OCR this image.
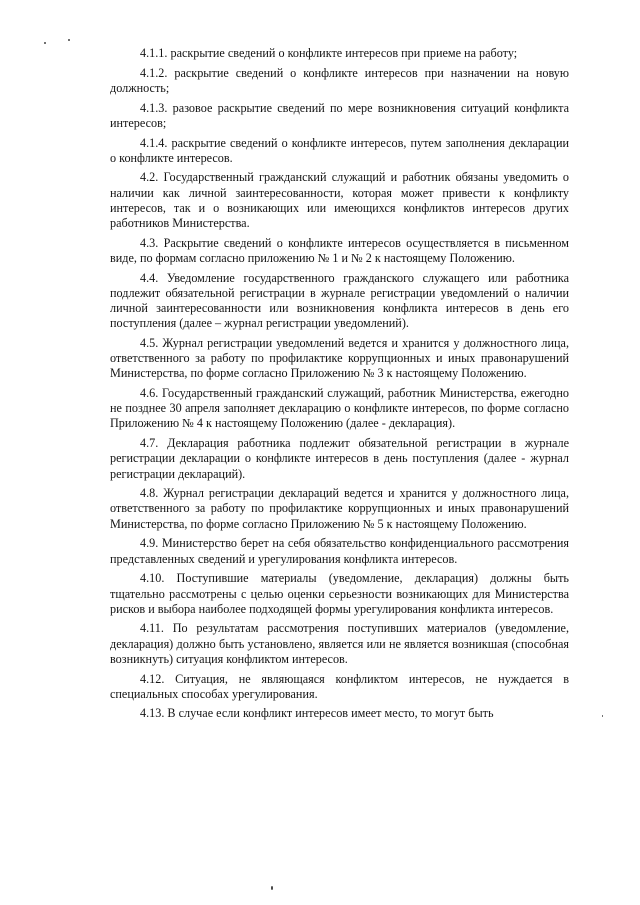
4.1.1. раскрытие сведений о конфликте интересов при приеме на работу;

4.1.2. раскрытие сведений о конфликте интересов при назначении на новую должность;

4.1.3. разовое раскрытие сведений по мере возникновения ситуаций конфликта интересов;

4.1.4. раскрытие сведений о конфликте интересов, путем заполнения декларации о конфликте интересов.

4.2. Государственный гражданский служащий и работник обязаны уведомить о наличии как личной заинтересованности, которая может привести к конфликту интересов, так и о возникающих или имеющихся конфликтов интересов других работников Министерства.

4.3. Раскрытие сведений о конфликте интересов осуществляется в письменном виде, по формам согласно приложению № 1 и № 2 к настоящему Положению.

4.4. Уведомление государственного гражданского служащего или работника подлежит обязательной регистрации в журнале регистрации уведомлений о наличии личной заинтересованности или возникновения конфликта интересов в день его поступления (далее – журнал регистрации уведомлений).

4.5. Журнал регистрации уведомлений ведется и хранится у должностного лица, ответственного за работу по профилактике коррупционных и иных правонарушений Министерства, по форме согласно Приложению № 3 к настоящему Положению.

4.6. Государственный гражданский служащий, работник Министерства, ежегодно не позднее 30 апреля заполняет декларацию о конфликте интересов, по форме согласно Приложению № 4 к настоящему Положению (далее - декларация).

4.7. Декларация работника подлежит обязательной регистрации в журнале регистрации декларации о конфликте интересов в день поступления (далее - журнал регистрации деклараций).

4.8. Журнал регистрации деклараций ведется и хранится у должностного лица, ответственного за работу по профилактике коррупционных и иных правонарушений Министерства, по форме согласно Приложению № 5 к настоящему Положению.

4.9. Министерство берет на себя обязательство конфиденциального рассмотрения представленных сведений и урегулирования конфликта интересов.

4.10. Поступившие материалы (уведомление, декларация) должны быть тщательно рассмотрены с целью оценки серьезности возникающих для Министерства рисков и выбора наиболее подходящей формы урегулирования конфликта интересов.

4.11. По результатам рассмотрения поступивших материалов (уведомление, декларация) должно быть установлено, является или не является возникшая (способная возникнуть) ситуация конфликтом интересов.

4.12. Ситуация, не являющаяся конфликтом интересов, не нуждается в специальных способах урегулирования.

4.13. В случае если конфликт интересов имеет место, то могут быть
